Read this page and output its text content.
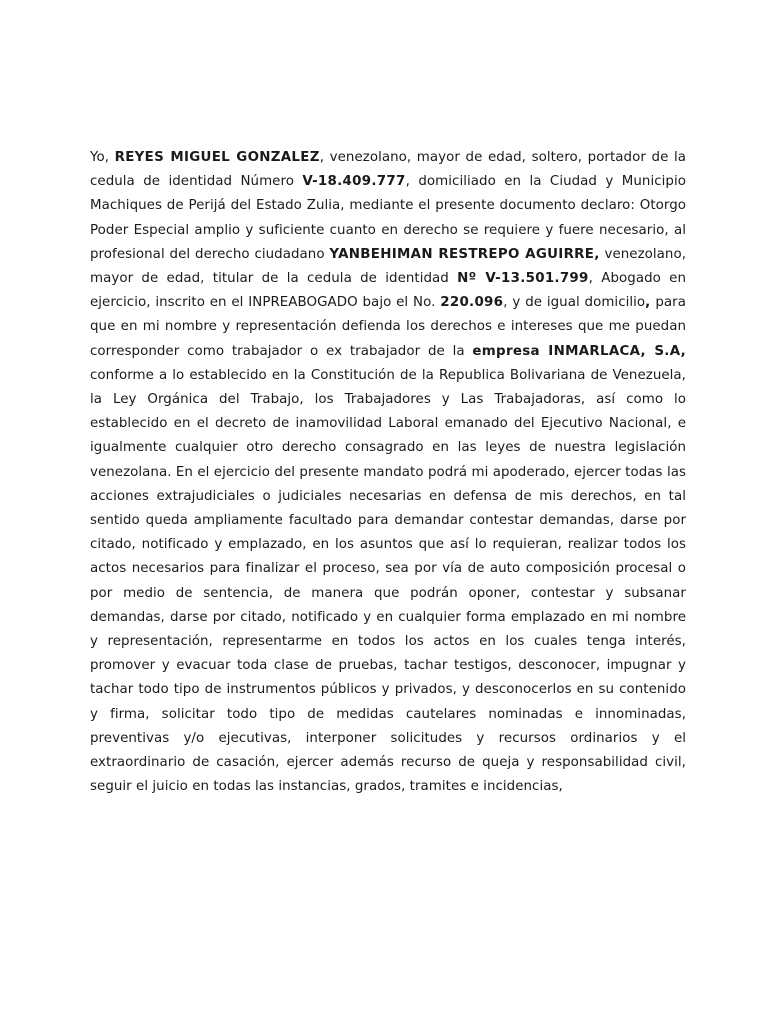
Yo, REYES MIGUEL GONZALEZ, venezolano, mayor de edad, soltero, portador de la cedula de identidad Número V-18.409.777, domiciliado en la Ciudad y Municipio Machiques de Perijá del Estado Zulia, mediante el presente documento declaro: Otorgo Poder Especial amplio y suficiente cuanto en derecho se requiere y fuere necesario, al profesional del derecho ciudadano YANBEHIMAN RESTREPO AGUIRRE, venezolano, mayor de edad, titular de la cedula de identidad Nº V-13.501.799, Abogado en ejercicio, inscrito en el INPREABOGADO bajo el No. 220.096, y de igual domicilio, para que en mi nombre y representación defienda los derechos e intereses que me puedan corresponder como trabajador o ex trabajador de la empresa INMARLACA, S.A, conforme a lo establecido en la Constitución de la Republica Bolivariana de Venezuela, la Ley Orgánica del Trabajo, los Trabajadores y Las Trabajadoras, así como lo establecido en el decreto de inamovilidad Laboral emanado del Ejecutivo Nacional, e igualmente cualquier otro derecho consagrado en las leyes de nuestra legislación venezolana. En el ejercicio del presente mandato podrá mi apoderado, ejercer todas las acciones extrajudiciales o judiciales necesarias en defensa de mis derechos, en tal sentido queda ampliamente facultado para demandar contestar demandas, darse por citado, notificado y emplazado, en los asuntos que así lo requieran, realizar todos los actos necesarios para finalizar el proceso, sea por vía de auto composición procesal o por medio de sentencia, de manera que podrán oponer, contestar y subsanar demandas, darse por citado, notificado y en cualquier forma emplazado en mi nombre y representación, representarme en todos los actos en los cuales tenga interés, promover y evacuar toda clase de pruebas, tachar testigos, desconocer, impugnar y tachar todo tipo de instrumentos públicos y privados, y desconocerlos en su contenido y firma, solicitar todo tipo de medidas cautelares nominadas e innominadas, preventivas y/o ejecutivas, interponer solicitudes y recursos ordinarios y el extraordinario de casación, ejercer además recurso de queja y responsabilidad civil, seguir el juicio en todas las instancias, grados, tramites e incidencias,
